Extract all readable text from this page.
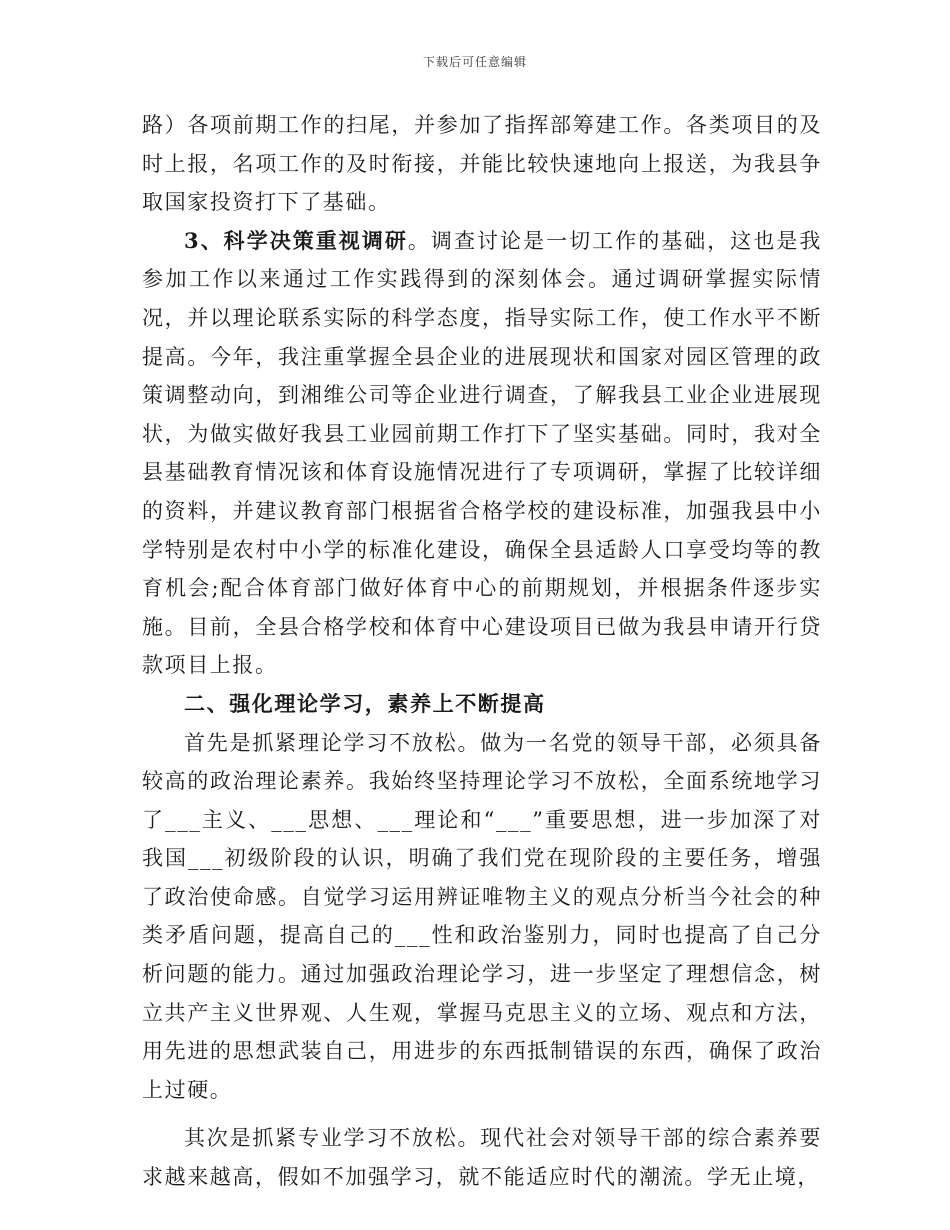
下载后可任意编辑

路）各项前期工作的扫尾，并参加了指挥部筹建工作。各类项目的及时上报，名项工作的及时衔接，并能比较快速地向上报送，为我县争取国家投资打下了基础。

3、科学决策重视调研。调查讨论是一切工作的基础，这也是我参加工作以来通过工作实践得到的深刻体会。通过调研掌握实际情况，并以理论联系实际的科学态度，指导实际工作，使工作水平不断提高。今年，我注重掌握全县企业的进展现状和国家对园区管理的政策调整动向，到湘维公司等企业进行调查，了解我县工业企业进展现状，为做实做好我县工业园前期工作打下了坚实基础。同时，我对全县基础教育情况该和体育设施情况进行了专项调研，掌握了比较详细的资料，并建议教育部门根据省合格学校的建设标准，加强我县中小学特别是农村中小学的标准化建设，确保全县适龄人口享受均等的教育机会;配合体育部门做好体育中心的前期规划，并根据条件逐步实施。目前，全县合格学校和体育中心建设项目已做为我县申请开行贷款项目上报。

二、强化理论学习，素养上不断提高

首先是抓紧理论学习不放松。做为一名党的领导干部，必须具备较高的政治理论素养。我始终坚持理论学习不放松，全面系统地学习了___主义、___思想、___理论和“___”重要思想，进一步加深了对我国___初级阶段的认识，明确了我们党在现阶段的主要任务，增强了政治使命感。自觉学习运用辨证唯物主义的观点分析当今社会的种类矛盾问题，提高自己的___性和政治鉴别力，同时也提高了自己分析问题的能力。通过加强政治理论学习，进一步坚定了理想信念，树立共产主义世界观、人生观，掌握马克思主义的立场、观点和方法，用先进的思想武装自己，用进步的东西抵制错误的东西，确保了政治上过硬。

其次是抓紧专业学习不放松。现代社会对领导干部的综合素养要求越来越高，假如不加强学习，就不能适应时代的潮流。学无止境，
